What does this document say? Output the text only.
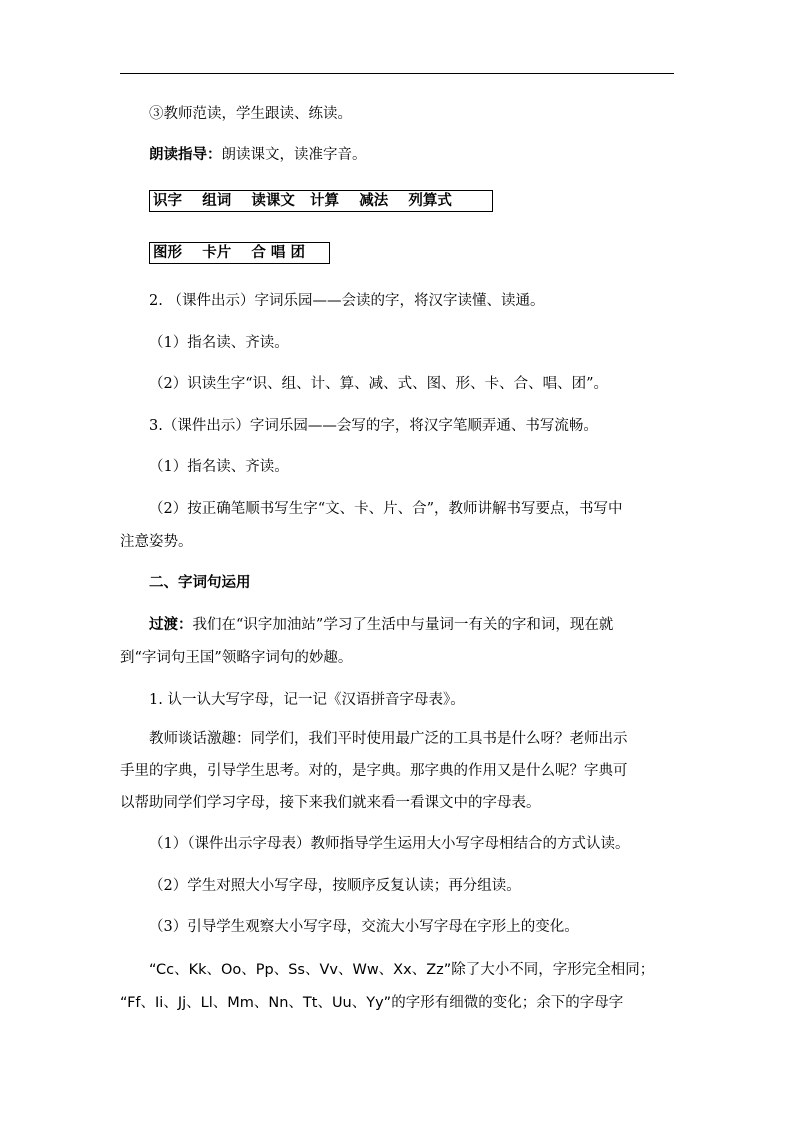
③教师范读，学生跟读、练读。
朗读指导：朗读课文，读准字音。
识字    组词    读课文   计算    减法    列算式
图形    卡片    合 唱 团
2. （课件出示）字词乐园——会读的字，将汉字读懂、读通。
（1）指名读、齐读。
（2）识读生字“识、组、计、算、减、式、图、形、卡、合、唱、团”。
3.（课件出示）字词乐园——会写的字，将汉字笔顺弄通、书写流畅。
（1）指名读、齐读。
（2）按正确笔顺书写生字“文、卡、片、合”，教师讲解书写要点，书写中
注意姿势。
二、字词句运用
过渡：我们在“识字加油站”学习了生活中与量词一有关的字和词，现在就
到“字词句王国”领略字词句的妙趣。
1. 认一认大写字母，记一记《汉语拼音字母表》。
教师谈话激趣：同学们，我们平时使用最广泛的工具书是什么呀？老师出示
手里的字典，引导学生思考。对的，是字典。那字典的作用又是什么呢？字典可
以帮助同学们学习字母，接下来我们就来看一看课文中的字母表。
（1）（课件出示字母表）教师指导学生运用大小写字母相结合的方式认读。
（2）学生对照大小写字母，按顺序反复认读；再分组读。
（3）引导学生观察大小写字母，交流大小写字母在字形上的变化。
“Cc、Kk、Oo、Pp、Ss、Vv、Ww、Xx、Zz”除了大小不同，字形完全相同；
“Ff、Ii、Jj、Ll、Mm、Nn、Tt、Uu、Yy”的字形有细微的变化；余下的字母字
